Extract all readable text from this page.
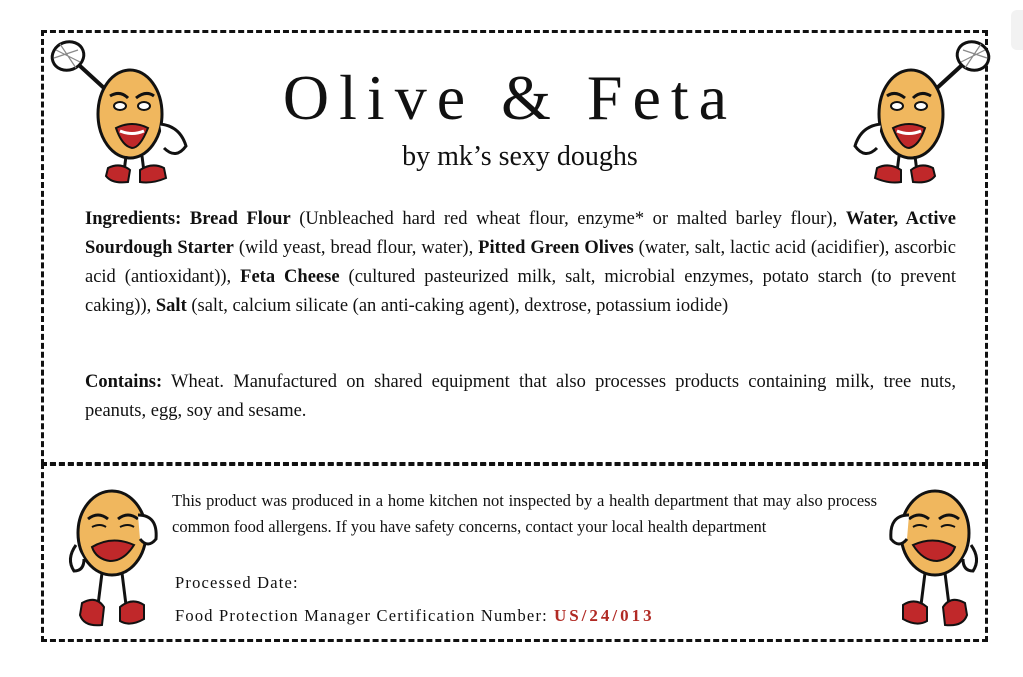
Olive & Feta
by mk’s sexy doughs

Ingredients: Bread Flour (Unbleached hard red wheat flour, enzyme* or malted barley flour), Water, Active Sourdough Starter (wild yeast, bread flour, water), Pitted Green Olives (water, salt, lactic acid (acidifier), ascorbic acid (antioxidant)), Feta Cheese (cultured pasteurized milk, salt, microbial enzymes, potato starch (to prevent caking)), Salt (salt, calcium silicate (an anti-caking agent), dextrose, potassium iodide)

Contains: Wheat. Manufactured on shared equipment that also processes products containing milk, tree nuts, peanuts, egg, soy and sesame.

This product was produced in a home kitchen not inspected by a health department that may also process common food allergens. If you have safety concerns, contact your local health department

Processed Date:
Food Protection Manager Certification Number: US/24/013
